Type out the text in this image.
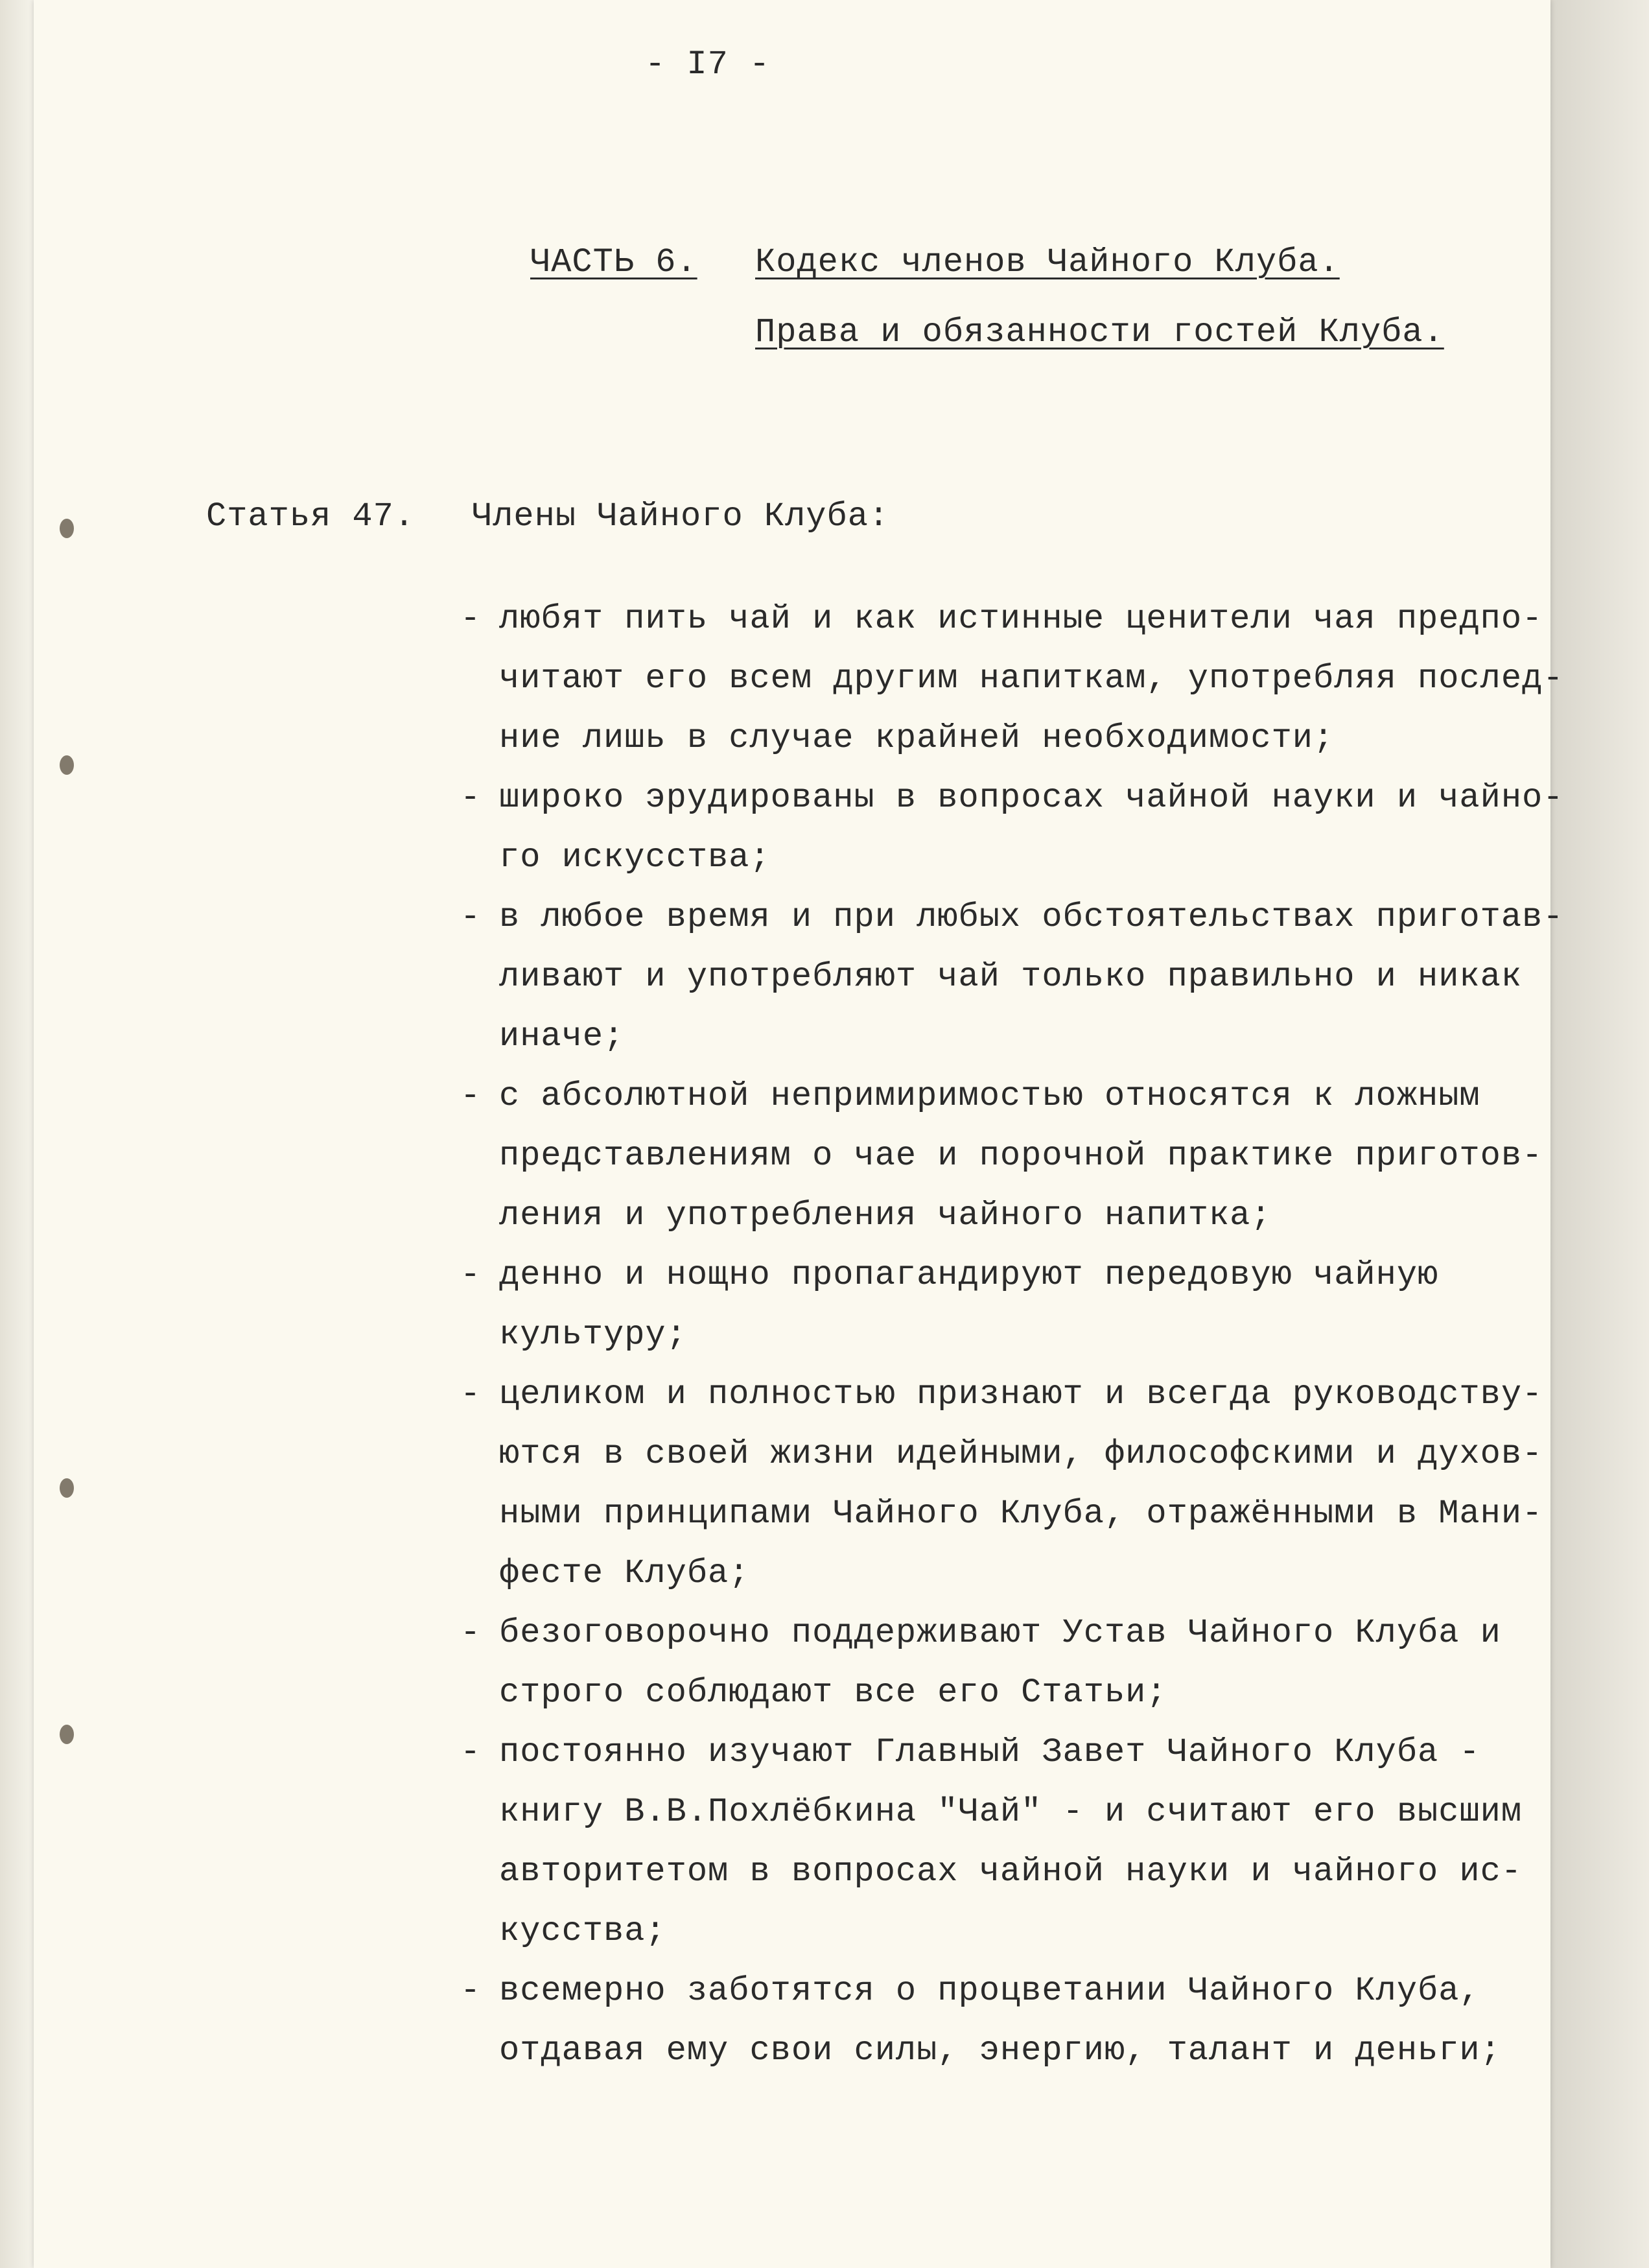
- I7 -
ЧАСТЬ 6. Кодекс членов Чайного Клуба.
Права и обязанности гостей Клуба.
Статья 47. Члены Чайного Клуба:
- любят пить чай и как истинные ценители чая предпо-
читают его всем другим напиткам, употребляя послед-
ние лишь в случае крайней необходимости;
- широко эрудированы в вопросах чайной науки и чайно-
го искусства;
- в любое время и при любых обстоятельствах приготав-
ливают и употребляют чай только правильно и никак
иначе;
- с абсолютной непримиримостью относятся к ложным
представлениям о чае и порочной практике приготов-
ления и употребления чайного напитка;
- денно и нощно пропагандируют передовую чайную
культуру;
- целиком и полностью признают и всегда руководству-
ются в своей жизни идейными, философскими и духов-
ными принципами Чайного Клуба, отражёнными в Мани-
фесте Клуба;
- безоговорочно поддерживают Устав Чайного Клуба и
строго соблюдают все его Статьи;
- постоянно изучают Главный Завет Чайного Клуба -
книгу В.В.Похлёбкина "Чай" - и считают его высшим
авторитетом в вопросах чайной науки и чайного ис-
кусства;
- всемерно заботятся о процветании Чайного Клуба,
отдавая ему свои силы, энергию, талант и деньги;
